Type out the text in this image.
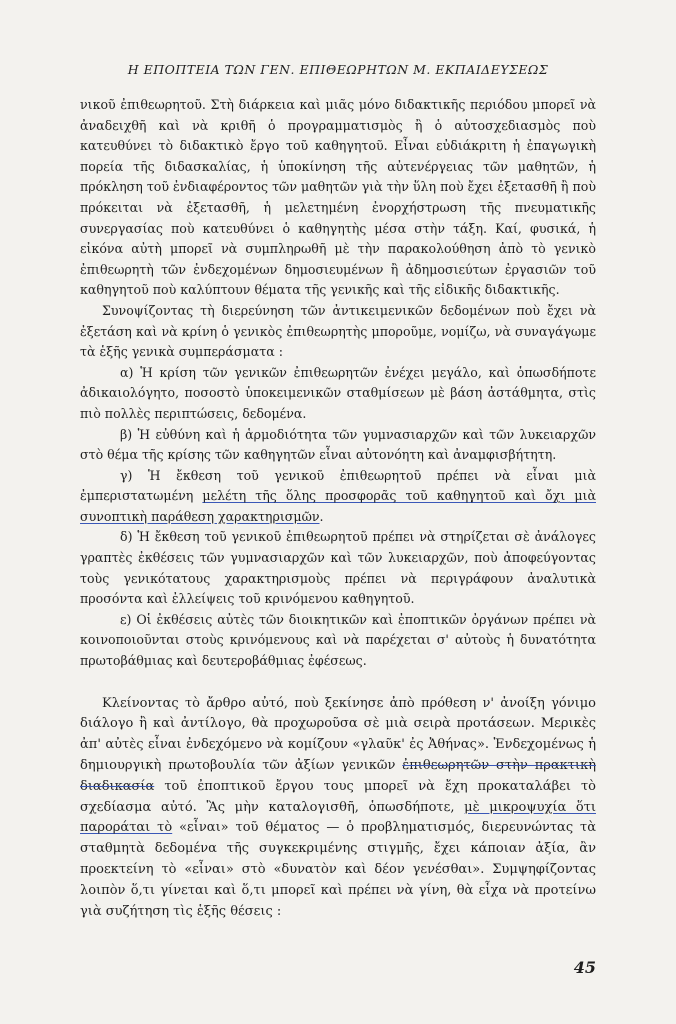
Η ΕΠΟΠΤΕΙΑ ΤΩΝ ΓΕΝ. ΕΠΙΘΕΩΡΗΤΩΝ Μ. ΕΚΠΑΙΔΕΥΣΕΩΣ

νικοῦ ἐπιθεωρητοῦ. Στὴ διάρκεια καὶ μιᾶς μόνο διδακτικῆς περιόδου μπορεῖ νὰ ἀναδειχθῆ καὶ νὰ κριθῆ ὁ προγραμματισμὸς ἢ ὁ αὐτοσχεδιασμὸς ποὺ κατευθύνει τὸ διδακτικὸ ἔργο τοῦ καθηγητοῦ. Εἶναι εὐδιάκριτη ἡ ἐπαγωγικὴ πορεία τῆς διδασκαλίας, ἡ ὑποκίνηση τῆς αὐτενέργειας τῶν μαθητῶν, ἡ πρόκληση τοῦ ἐνδιαφέροντος τῶν μαθητῶν γιὰ τὴν ὕλη ποὺ ἔχει ἐξετασθῆ ἢ ποὺ πρόκειται νὰ ἐξετασθῆ, ἡ μελετημένη ἐνορχήστρωση τῆς πνευματικῆς συνεργασίας ποὺ κατευθύνει ὁ καθηγητὴς μέσα στὴν τάξη. Καί, φυσικά, ἡ εἰκόνα αὐτὴ μπορεῖ νὰ συμπληρωθῆ μὲ τὴν παρακολούθηση ἀπὸ τὸ γενικὸ ἐπιθεωρητὴ τῶν ἐνδεχομένων δημοσιευμένων ἢ ἀδημοσιεύτων ἐργασιῶν τοῦ καθηγητοῦ ποὺ καλύπτουν θέματα τῆς γενικῆς καὶ τῆς εἰδικῆς διδακτικῆς.

Συνοψίζοντας τὴ διερεύνηση τῶν ἀντικειμενικῶν δεδομένων ποὺ ἔχει νὰ ἐξετάση καὶ νὰ κρίνη ὁ γενικὸς ἐπιθεωρητὴς μποροῦμε, νομίζω, νὰ συναγάγωμε τὰ ἑξῆς γενικὰ συμπεράσματα :

α) Ἡ κρίση τῶν γενικῶν ἐπιθεωρητῶν ἐνέχει μεγάλο, καὶ ὁπωσδήποτε ἀδικαιολόγητο, ποσοστὸ ὑποκειμενικῶν σταθμίσεων μὲ βάση ἀστάθμητα, στὶς πιὸ πολλὲς περιπτώσεις, δεδομένα.

β) Ἡ εὐθύνη καὶ ἡ ἁρμοδιότητα τῶν γυμνασιαρχῶν καὶ τῶν λυκειαρχῶν στὸ θέμα τῆς κρίσης τῶν καθηγητῶν εἶναι αὐτονόητη καὶ ἀναμφισβήτητη.

γ) Ἡ ἔκθεση τοῦ γενικοῦ ἐπιθεωρητοῦ πρέπει νὰ εἶναι μιὰ ἐμπεριστατωμένη μελέτη τῆς ὅλης προσφορᾶς τοῦ καθηγητοῦ καὶ ὄχι μιὰ συνοπτικὴ παράθεση χαρακτηρισμῶν.

δ) Ἡ ἔκθεση τοῦ γενικοῦ ἐπιθεωρητοῦ πρέπει νὰ στηρίζεται σὲ ἀνάλογες γραπτὲς ἐκθέσεις τῶν γυμνασιαρχῶν καὶ τῶν λυκειαρχῶν, ποὺ ἀποφεύγοντας τοὺς γενικότατους χαρακτηρισμοὺς πρέπει νὰ περιγράφουν ἀναλυτικὰ προσόντα καὶ ἐλλείψεις τοῦ κρινόμενου καθηγητοῦ.

ε) Οἱ ἐκθέσεις αὐτὲς τῶν διοικητικῶν καὶ ἐποπτικῶν ὀργάνων πρέπει νὰ κοινοποιοῦνται στοὺς κρινόμενους καὶ νὰ παρέχεται σ' αὐτοὺς ἡ δυνατότητα πρωτοβάθμιας καὶ δευτεροβάθμιας ἐφέσεως.

Κλείνοντας τὸ ἄρθρο αὐτό, ποὺ ξεκίνησε ἀπὸ πρόθεση ν' ἀνοίξη γόνιμο διάλογο ἢ καὶ ἀντίλογο, θὰ προχωροῦσα σὲ μιὰ σειρὰ προτάσεων. Μερικὲς ἀπ' αὐτὲς εἶναι ἐνδεχόμενο νὰ κομίζουν «γλαῦκ' ἐς Ἀθήνας». Ἐνδεχομένως ἡ δημιουργικὴ πρωτοβουλία τῶν ἀξίων γενικῶν ἐπιθεωρητῶν στὴν πρακτικὴ διαδικασία τοῦ ἐποπτικοῦ ἔργου τους μπορεῖ νὰ ἔχη προκαταλάβει τὸ σχεδίασμα αὐτό. Ἂς μὴν καταλογισθῆ, ὁπωσδήποτε, μὲ μικροψυχία ὅτι παροράται τὸ «εἶναι» τοῦ θέματος — ὁ προβληματισμός, διερευνώντας τὰ σταθμητὰ δεδομένα τῆς συγκεκριμένης στιγμῆς, ἔχει κάποιαν ἀξία, ἂν προεκτείνη τὸ «εἶναι» στὸ «δυνατὸν καὶ δέον γενέσθαι». Συμψηφίζοντας λοιπὸν ὅ,τι γίνεται καὶ ὅ,τι μπορεῖ καὶ πρέπει νὰ γίνη, θὰ εἶχα νὰ προτείνω γιὰ συζήτηση τὶς ἑξῆς θέσεις :

45
